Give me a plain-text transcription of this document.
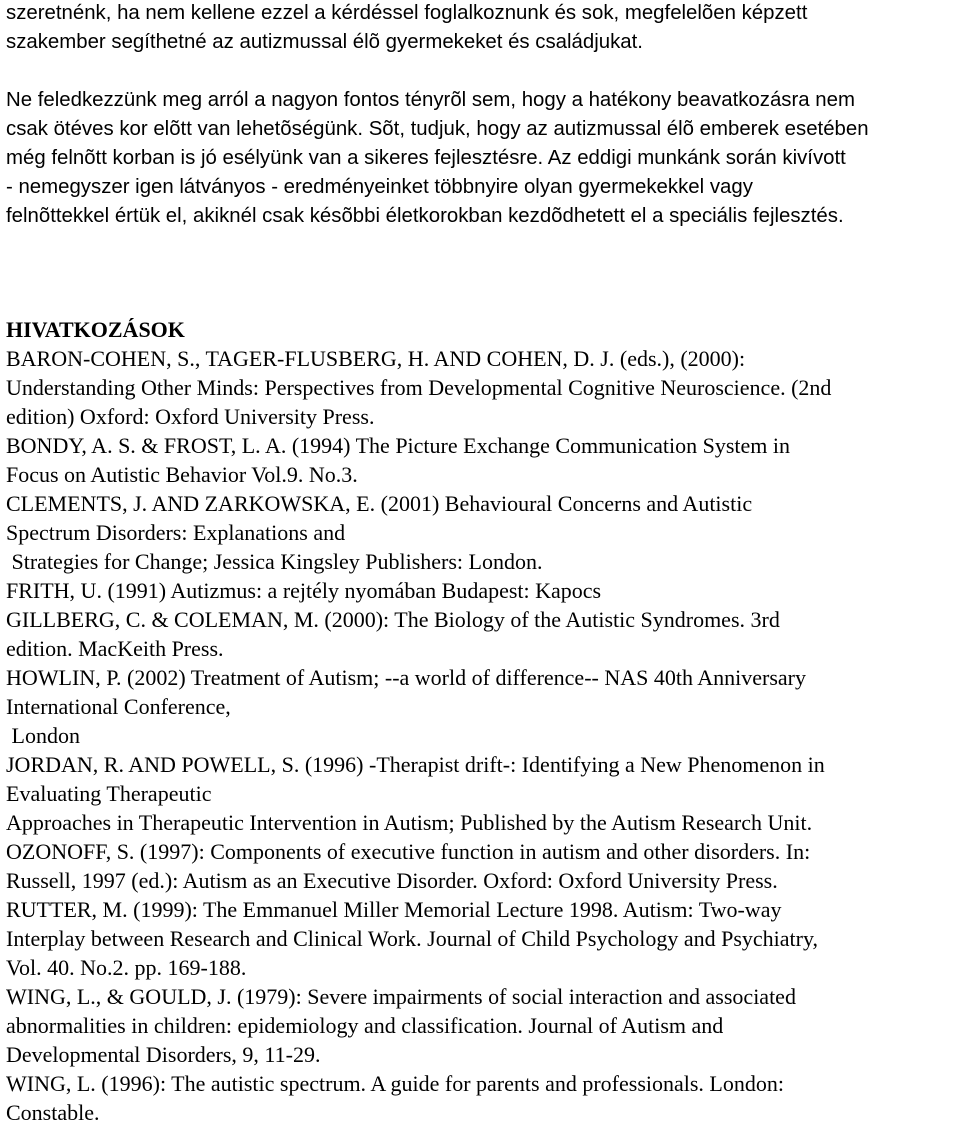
szeretnénk, ha nem kellene ezzel a kérdéssel foglalkoznunk és sok, megfelelõen képzett
szakember segíthetné az autizmussal élõ gyermekeket és családjukat.

Ne feledkezzünk meg arról a nagyon fontos tényrõl sem, hogy a hatékony beavatkozásra nem
csak ötéves kor elõtt van lehetõségünk. Sõt, tudjuk, hogy az autizmussal élõ emberek esetében
még felnõtt korban is jó esélyünk van a sikeres fejlesztésre. Az eddigi munkánk során kivívott
- nemegyszer igen látványos - eredményeinket többnyire olyan gyermekekkel vagy
felnõttekkel értük el, akiknél csak késõbbi életkorokban kezdõdhetett el a speciális fejlesztés.

HIVATKOZÁSOK
BARON-COHEN, S., TAGER-FLUSBERG, H. AND COHEN, D. J. (eds.), (2000):
Understanding Other Minds: Perspectives from Developmental Cognitive Neuroscience. (2nd
edition) Oxford: Oxford University Press.
BONDY, A. S. & FROST, L. A. (1994) The Picture Exchange Communication System in
Focus on Autistic Behavior Vol.9. No.3.
CLEMENTS, J. AND ZARKOWSKA, E. (2001) Behavioural Concerns and Autistic
Spectrum Disorders: Explanations and
Strategies for Change; Jessica Kingsley Publishers: London.
FRITH, U. (1991) Autizmus: a rejtély nyomában Budapest: Kapocs
GILLBERG, C. & COLEMAN, M. (2000): The Biology of the Autistic Syndromes. 3rd
edition. MacKeith Press.
HOWLIN, P. (2002) Treatment of Autism; --a world of difference-- NAS 40th Anniversary
International Conference,
London
JORDAN, R. AND POWELL, S. (1996) -Therapist drift-: Identifying a New Phenomenon in
Evaluating Therapeutic
Approaches in Therapeutic Intervention in Autism; Published by the Autism Research Unit.
OZONOFF, S. (1997): Components of executive function in autism and other disorders. In:
Russell, 1997 (ed.): Autism as an Executive Disorder. Oxford: Oxford University Press.
RUTTER, M. (1999): The Emmanuel Miller Memorial Lecture 1998. Autism: Two-way
Interplay between Research and Clinical Work. Journal of Child Psychology and Psychiatry,
Vol. 40. No.2. pp. 169-188.
WING, L., & GOULD, J. (1979): Severe impairments of social interaction and associated
abnormalities in children: epidemiology and classification. Journal of Autism and
Developmental Disorders, 9, 11-29.
WING, L. (1996): The autistic spectrum. A guide for parents and professionals. London:
Constable.
